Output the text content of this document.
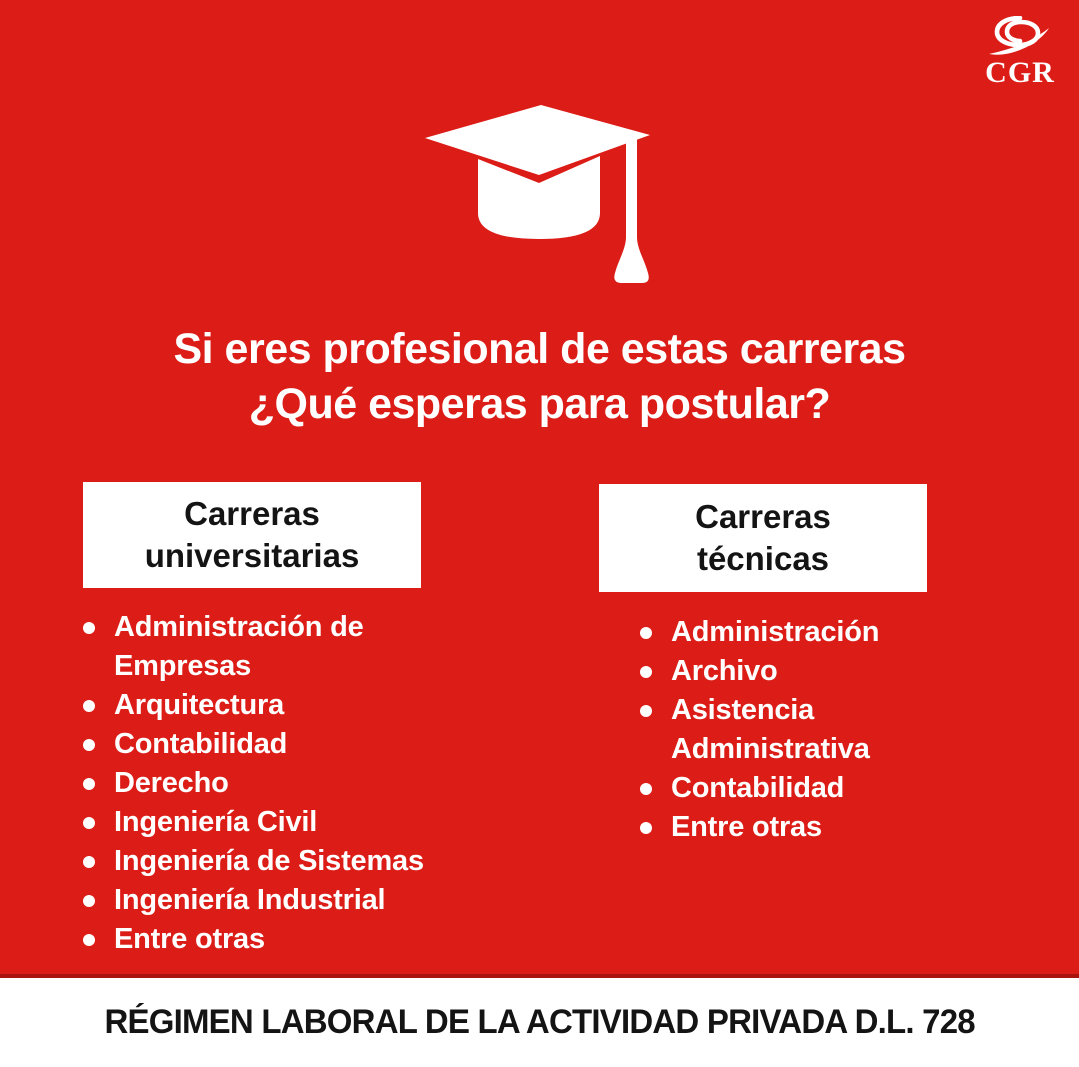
CGR
Si eres profesional de estas carreras
¿Qué esperas para postular?
Carreras
universitarias
Carreras
técnicas
Administración de Empresas
Arquitectura
Contabilidad
Derecho
Ingeniería Civil
Ingeniería de Sistemas
Ingeniería Industrial
Entre otras
Administración
Archivo
Asistencia Administrativa
Contabilidad
Entre otras
RÉGIMEN LABORAL DE LA ACTIVIDAD PRIVADA D.L. 728
